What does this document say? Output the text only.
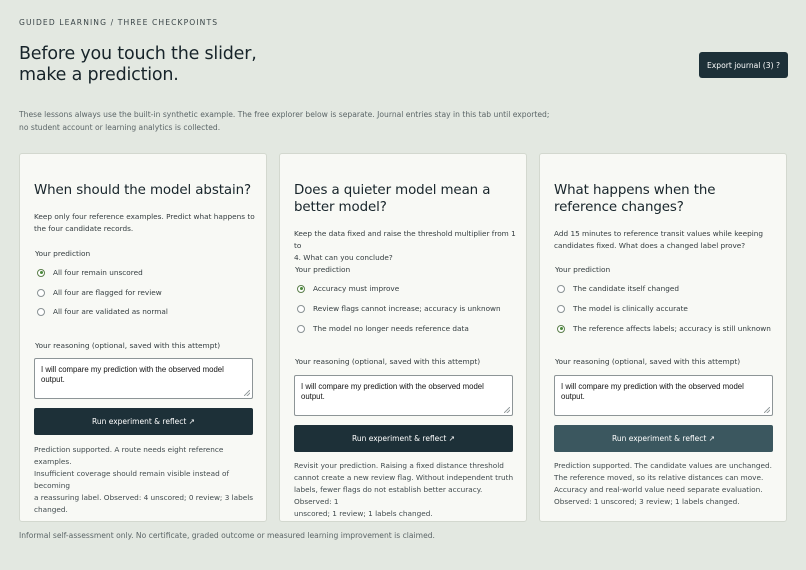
GUIDED LEARNING / THREE CHECKPOINTS
Before you touch the slider,
make a prediction.	Export journal (3) ?

These lessons always use the built-in synthetic example. The free explorer below is separate. Journal entries stay in this tab until exported;
no student account or learning analytics is collected.

When should the model abstain?
Keep only four reference examples. Predict what happens to
the four candidate records.
Your prediction
All four remain unscored
All four are flagged for review
All four are validated as normal
Your reasoning (optional, saved with this attempt)
I will compare my prediction with the observed model output.
Run experiment & reflect ↗
Prediction supported. A route needs eight reference examples.
Insufficient coverage should remain visible instead of becoming
a reassuring label. Observed: 4 unscored; 0 review; 3 labels
changed.
Does a quieter model mean a
better model?
Keep the data fixed and raise the threshold multiplier from 1 to
4. What can you conclude?
Your prediction
Accuracy must improve
Review flags cannot increase; accuracy is unknown
The model no longer needs reference data
Your reasoning (optional, saved with this attempt)
I will compare my prediction with the observed model output.
Run experiment & reflect ↗
Revisit your prediction. Raising a fixed distance threshold
cannot create a new review flag. Without independent truth
labels, fewer flags do not establish better accuracy. Observed: 1
unscored; 1 review; 1 labels changed.
What happens when the
reference changes?
Add 15 minutes to reference transit values while keeping
candidates fixed. What does a changed label prove?
Your prediction
The candidate itself changed
The model is clinically accurate
The reference affects labels; accuracy is still unknown
Your reasoning (optional, saved with this attempt)
I will compare my prediction with the observed model output.
Run experiment & reflect ↗
Prediction supported. The candidate values are unchanged.
The reference moved, so its relative distances can move.
Accuracy and real-world value need separate evaluation.
Observed: 1 unscored; 3 review; 1 labels changed.
Informal self-assessment only. No certificate, graded outcome or measured learning improvement is claimed.
